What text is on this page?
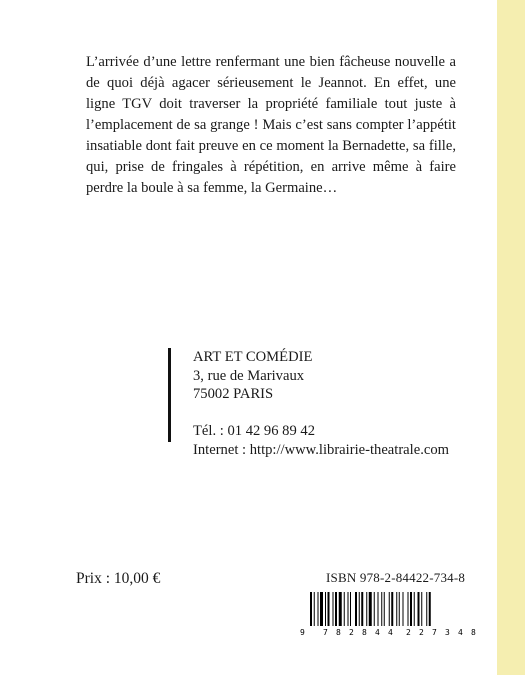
L’arrivée d’une lettre renfermant une bien fâcheuse nouvelle a de quoi déjà agacer sérieusement le Jeannot. En effet, une ligne TGV doit traverser la propriété familiale tout juste à l’emplacement de sa grange ! Mais c’est sans compter l’appétit insatiable dont fait preuve en ce moment la Bernadette, sa fille, qui, prise de fringales à répétition, en arrive même à faire perdre la boule à sa femme, la Germaine…

ART ET COMÉDIE
3, rue de Marivaux
75002 PARIS
Tél. : 01 42 96 89 42
Internet : http://www.librairie-theatrale.com
Prix : 10,00 €	ISBN 978-2-84422-734-8
9 7 8 2 8 4 4 2 2 7 3 4 8
